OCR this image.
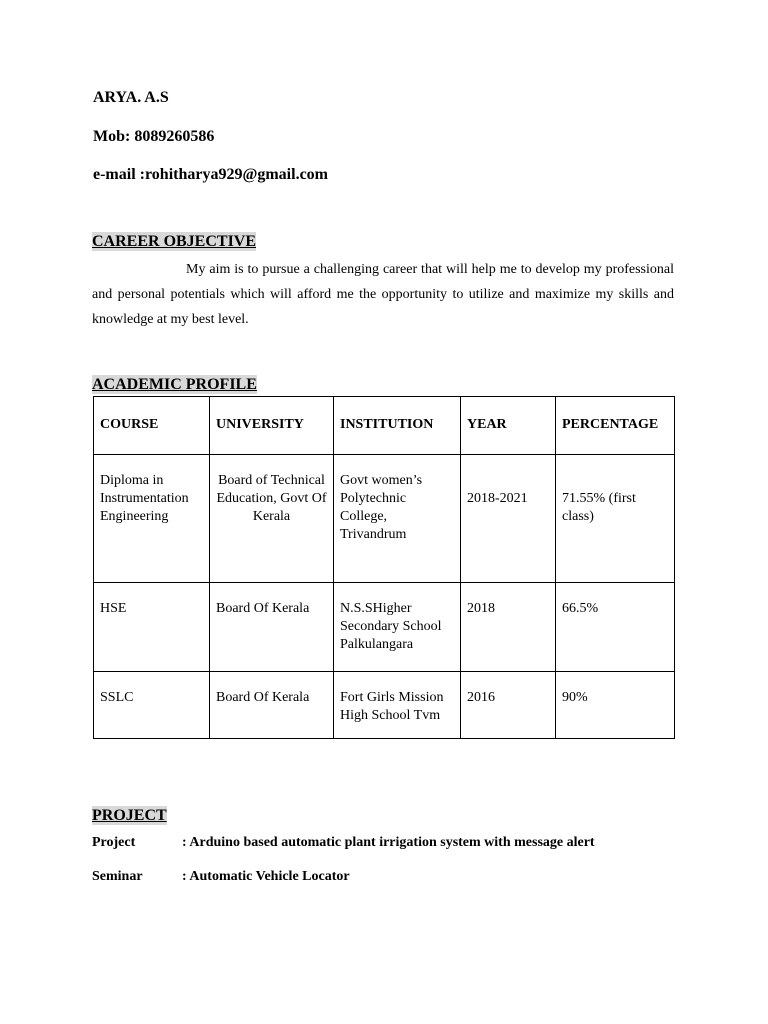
ARYA. A.S
Mob: 8089260586
e-mail :rohitharya929@gmail.com
CAREER OBJECTIVE

My aim is to pursue a challenging career that will help me to develop my professional and personal potentials which will afford me the opportunity to utilize and maximize my skills and knowledge at my best level.

ACADEMIC PROFILE
COURSE	UNIVERSITY	INSTITUTION	YEAR	PERCENTAGE
Diploma in Instrumentation Engineering	Board of Technical Education, Govt Of Kerala	Govt women’s Polytechnic College, Trivandrum	2018-2021	71.55% (first class)
HSE	Board Of Kerala	N.S.SHigher Secondary School Palkulangara	2018	66.5%
SSLC	Board Of Kerala	Fort Girls Mission High School Tvm	2016	90%
PROJECT
Project	: Arduino based automatic plant irrigation system with message alert
Seminar	: Automatic Vehicle Locator
